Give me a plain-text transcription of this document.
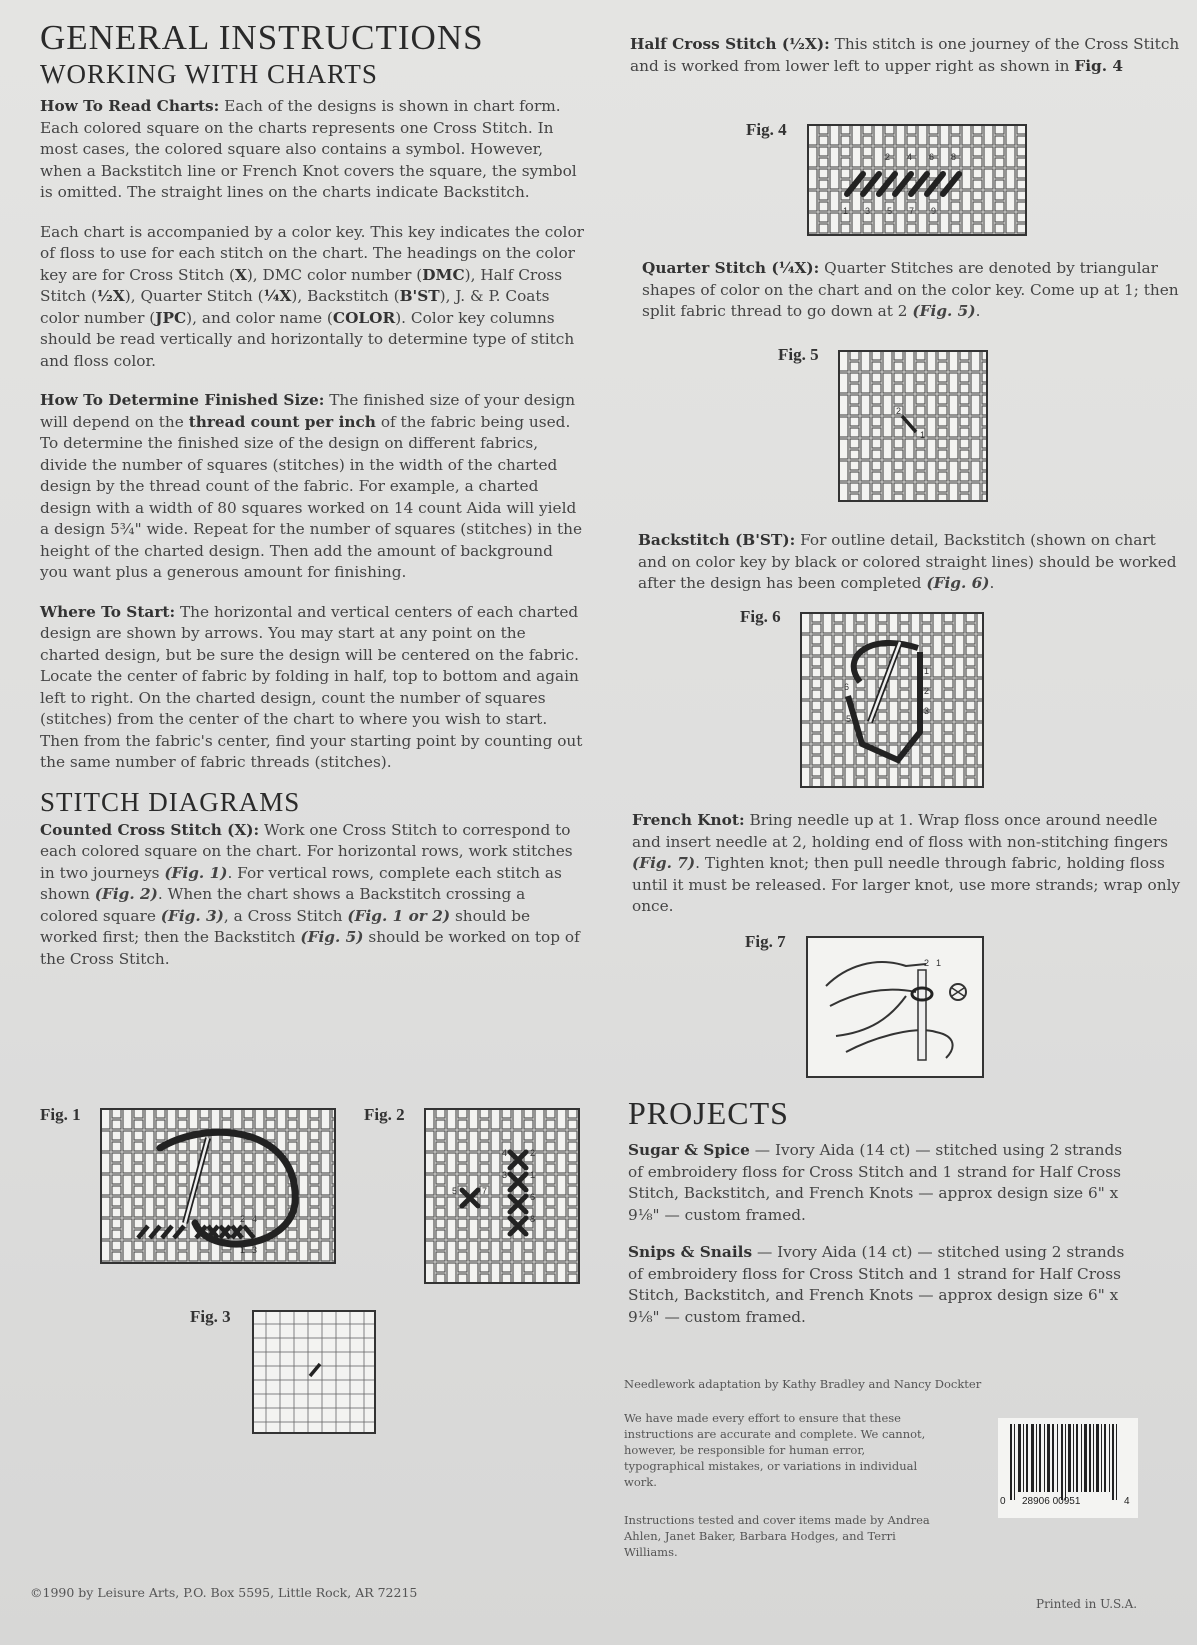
GENERAL INSTRUCTIONS
WORKING WITH CHARTS

How To Read Charts: Each of the designs is shown in chart form. Each colored square on the charts represents one Cross Stitch. In most cases, the colored square also contains a symbol. However, when a Backstitch line or French Knot covers the square, the symbol is omitted. The straight lines on the charts indicate Backstitch.

Each chart is accompanied by a color key. This key indicates the color of floss to use for each stitch on the chart. The headings on the color key are for Cross Stitch (X), DMC color number (DMC), Half Cross Stitch (½X), Quarter Stitch (¼X), Backstitch (B'ST), J. & P. Coats color number (JPC), and color name (COLOR). Color key columns should be read vertically and horizontally to determine type of stitch and floss color.

How To Determine Finished Size: The finished size of your design will depend on the thread count per inch of the fabric being used. To determine the finished size of the design on different fabrics, divide the number of squares (stitches) in the width of the charted design by the thread count of the fabric. For example, a charted design with a width of 80 squares worked on 14 count Aida will yield a design 5¾" wide. Repeat for the number of squares (stitches) in the height of the charted design. Then add the amount of background you want plus a generous amount for finishing.

Where To Start: The horizontal and vertical centers of each charted design are shown by arrows. You may start at any point on the charted design, but be sure the design will be centered on the fabric. Locate the center of fabric by folding in half, top to bottom and again left to right. On the charted design, count the number of squares (stitches) from the center of the chart to where you wish to start. Then from the fabric's center, find your starting point by counting out the same number of fabric threads (stitches).

STITCH DIAGRAMS

Counted Cross Stitch (X): Work one Cross Stitch to correspond to each colored square on the chart. For horizontal rows, work stitches in two journeys (Fig. 1). For vertical rows, complete each stitch as shown (Fig. 2). When the chart shows a Backstitch crossing a colored square (Fig. 3), a Cross Stitch (Fig. 1 or 2) should be worked first; then the Backstitch (Fig. 5) should be worked on top of the Cross Stitch.

Fig. 1
1 3
2 4
Fig. 2
2
4
1
6
3
8
5	7
Fig. 3

Half Cross Stitch (½X): This stitch is one journey of the Cross Stitch and is worked from lower left to upper right as shown in Fig. 4

Fig. 4
2 4 6 8
1 3 5 7 9

Quarter Stitch (¼X): Quarter Stitches are denoted by triangular shapes of color on the chart and on the color key. Come up at 1; then split fabric thread to go down at 2 (Fig. 5).

Fig. 5
2
1

Backstitch (B'ST): For outline detail, Backstitch (shown on chart and on color key by black or colored straight lines) should be worked after the design has been completed (Fig. 6).

Fig. 6
1
2
3
4
5
6

French Knot: Bring needle up at 1. Wrap floss once around needle and insert needle at 2, holding end of floss with non-stitching fingers (Fig. 7). Tighten knot; then pull needle through fabric, holding floss until it must be released. For larger knot, use more strands; wrap only once.

Fig. 7
2 1
PROJECTS

Sugar & Spice — Ivory Aida (14 ct) — stitched using 2 strands of embroidery floss for Cross Stitch and 1 strand for Half Cross Stitch, Backstitch, and French Knots — approx design size 6" x 9⅛" — custom framed.

Snips & Snails — Ivory Aida (14 ct) — stitched using 2 strands of embroidery floss for Cross Stitch and 1 strand for Half Cross Stitch, Backstitch, and French Knots — approx design size 6" x 9⅛" — custom framed.

Needlework adaptation by Kathy Bradley and Nancy Dockter
We have made every effort to ensure that these instructions are accurate and complete. We cannot, however, be responsible for human error, typographical mistakes, or variations in individual work.
Instructions tested and cover items made by Andrea Ahlen, Janet Baker, Barbara Hodges, and Terri Williams.
0 28906 00951	4
©1990 by Leisure Arts, P.O. Box 5595, Little Rock, AR 72215
Printed in U.S.A.
